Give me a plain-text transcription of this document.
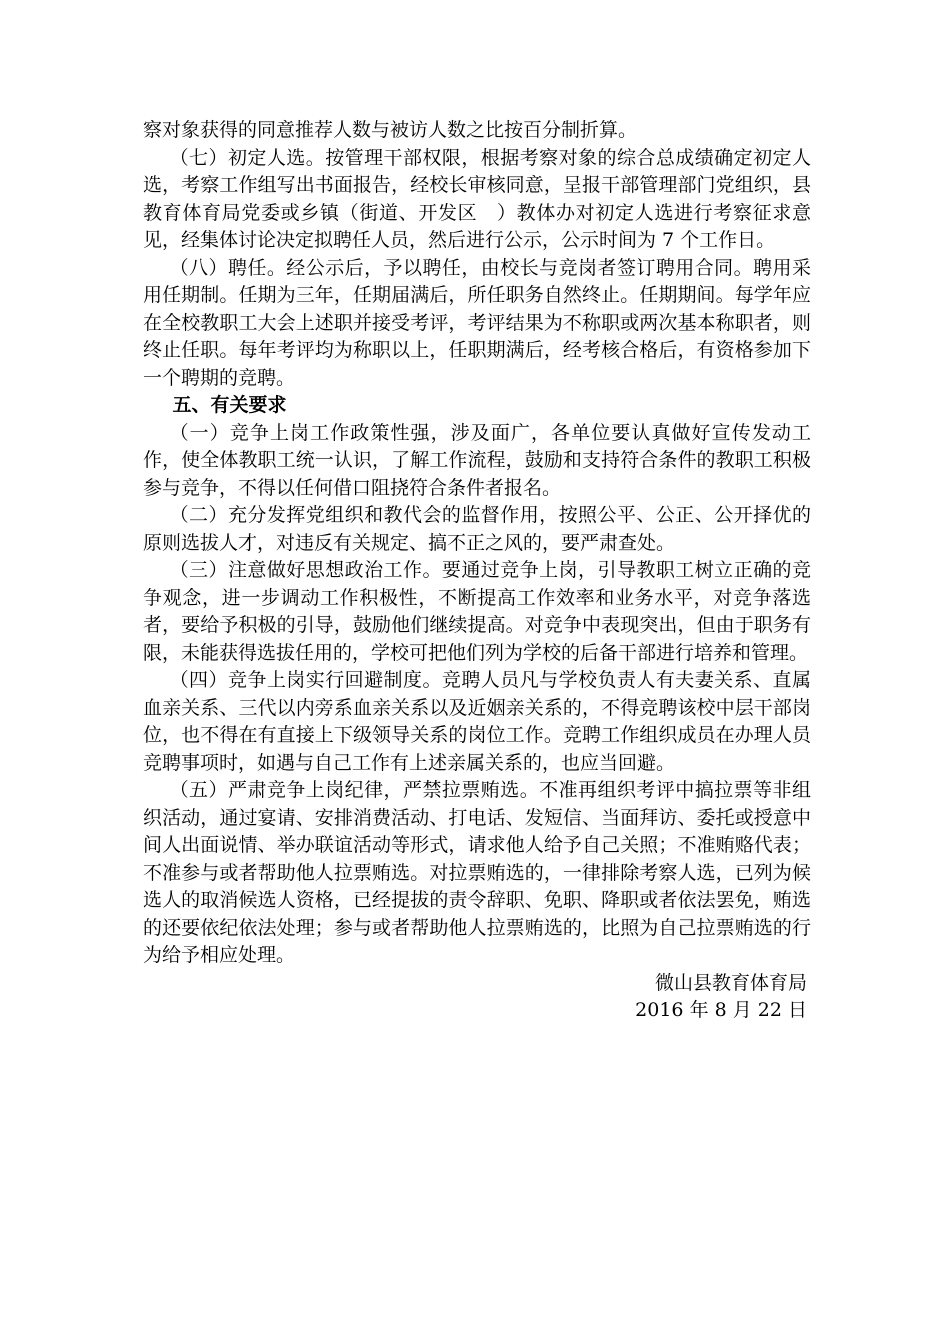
察对象获得的同意推荐人数与被访人数之比按百分制折算。

（七）初定人选。按管理干部权限，根据考察对象的综合总成绩确定初定人选，考察工作组写出书面报告，经校长审核同意，呈报干部管理部门党组织，县教育体育局党委或乡镇（街道、开发区　）教体办对初定人选进行考察征求意见，经集体讨论决定拟聘任人员，然后进行公示，公示时间为 7 个工作日。

（八）聘任。经公示后，予以聘任，由校长与竞岗者签订聘用合同。聘用采用任期制。任期为三年，任期届满后，所任职务自然终止。任期期间。每学年应在全校教职工大会上述职并接受考评，考评结果为不称职或两次基本称职者，则终止任职。每年考评均为称职以上，任职期满后，经考核合格后，有资格参加下一个聘期的竞聘。

五、有关要求

（一）竞争上岗工作政策性强，涉及面广，各单位要认真做好宣传发动工作，使全体教职工统一认识，了解工作流程，鼓励和支持符合条件的教职工积极参与竞争，不得以任何借口阻挠符合条件者报名。

（二）充分发挥党组织和教代会的监督作用，按照公平、公正、公开择优的原则选拔人才，对违反有关规定、搞不正之风的，要严肃查处。

（三）注意做好思想政治工作。要通过竞争上岗，引导教职工树立正确的竞争观念，进一步调动工作积极性，不断提高工作效率和业务水平，对竞争落选者，要给予积极的引导，鼓励他们继续提高。对竞争中表现突出，但由于职务有限，未能获得选拔任用的，学校可把他们列为学校的后备干部进行培养和管理。

（四）竞争上岗实行回避制度。竞聘人员凡与学校负责人有夫妻关系、直属血亲关系、三代以内旁系血亲关系以及近姻亲关系的，不得竞聘该校中层干部岗位，也不得在有直接上下级领导关系的岗位工作。竞聘工作组织成员在办理人员竞聘事项时，如遇与自己工作有上述亲属关系的，也应当回避。

（五）严肃竞争上岗纪律，严禁拉票贿选。不准再组织考评中搞拉票等非组织活动，通过宴请、安排消费活动、打电话、发短信、当面拜访、委托或授意中间人出面说情、举办联谊活动等形式，请求他人给予自己关照；不准贿赂代表；不准参与或者帮助他人拉票贿选。对拉票贿选的，一律排除考察人选，已列为候选人的取消候选人资格，已经提拔的责令辞职、免职、降职或者依法罢免，贿选的还要依纪依法处理；参与或者帮助他人拉票贿选的，比照为自己拉票贿选的行为给予相应处理。

微山县教育体育局
2016 年 8 月 22 日
